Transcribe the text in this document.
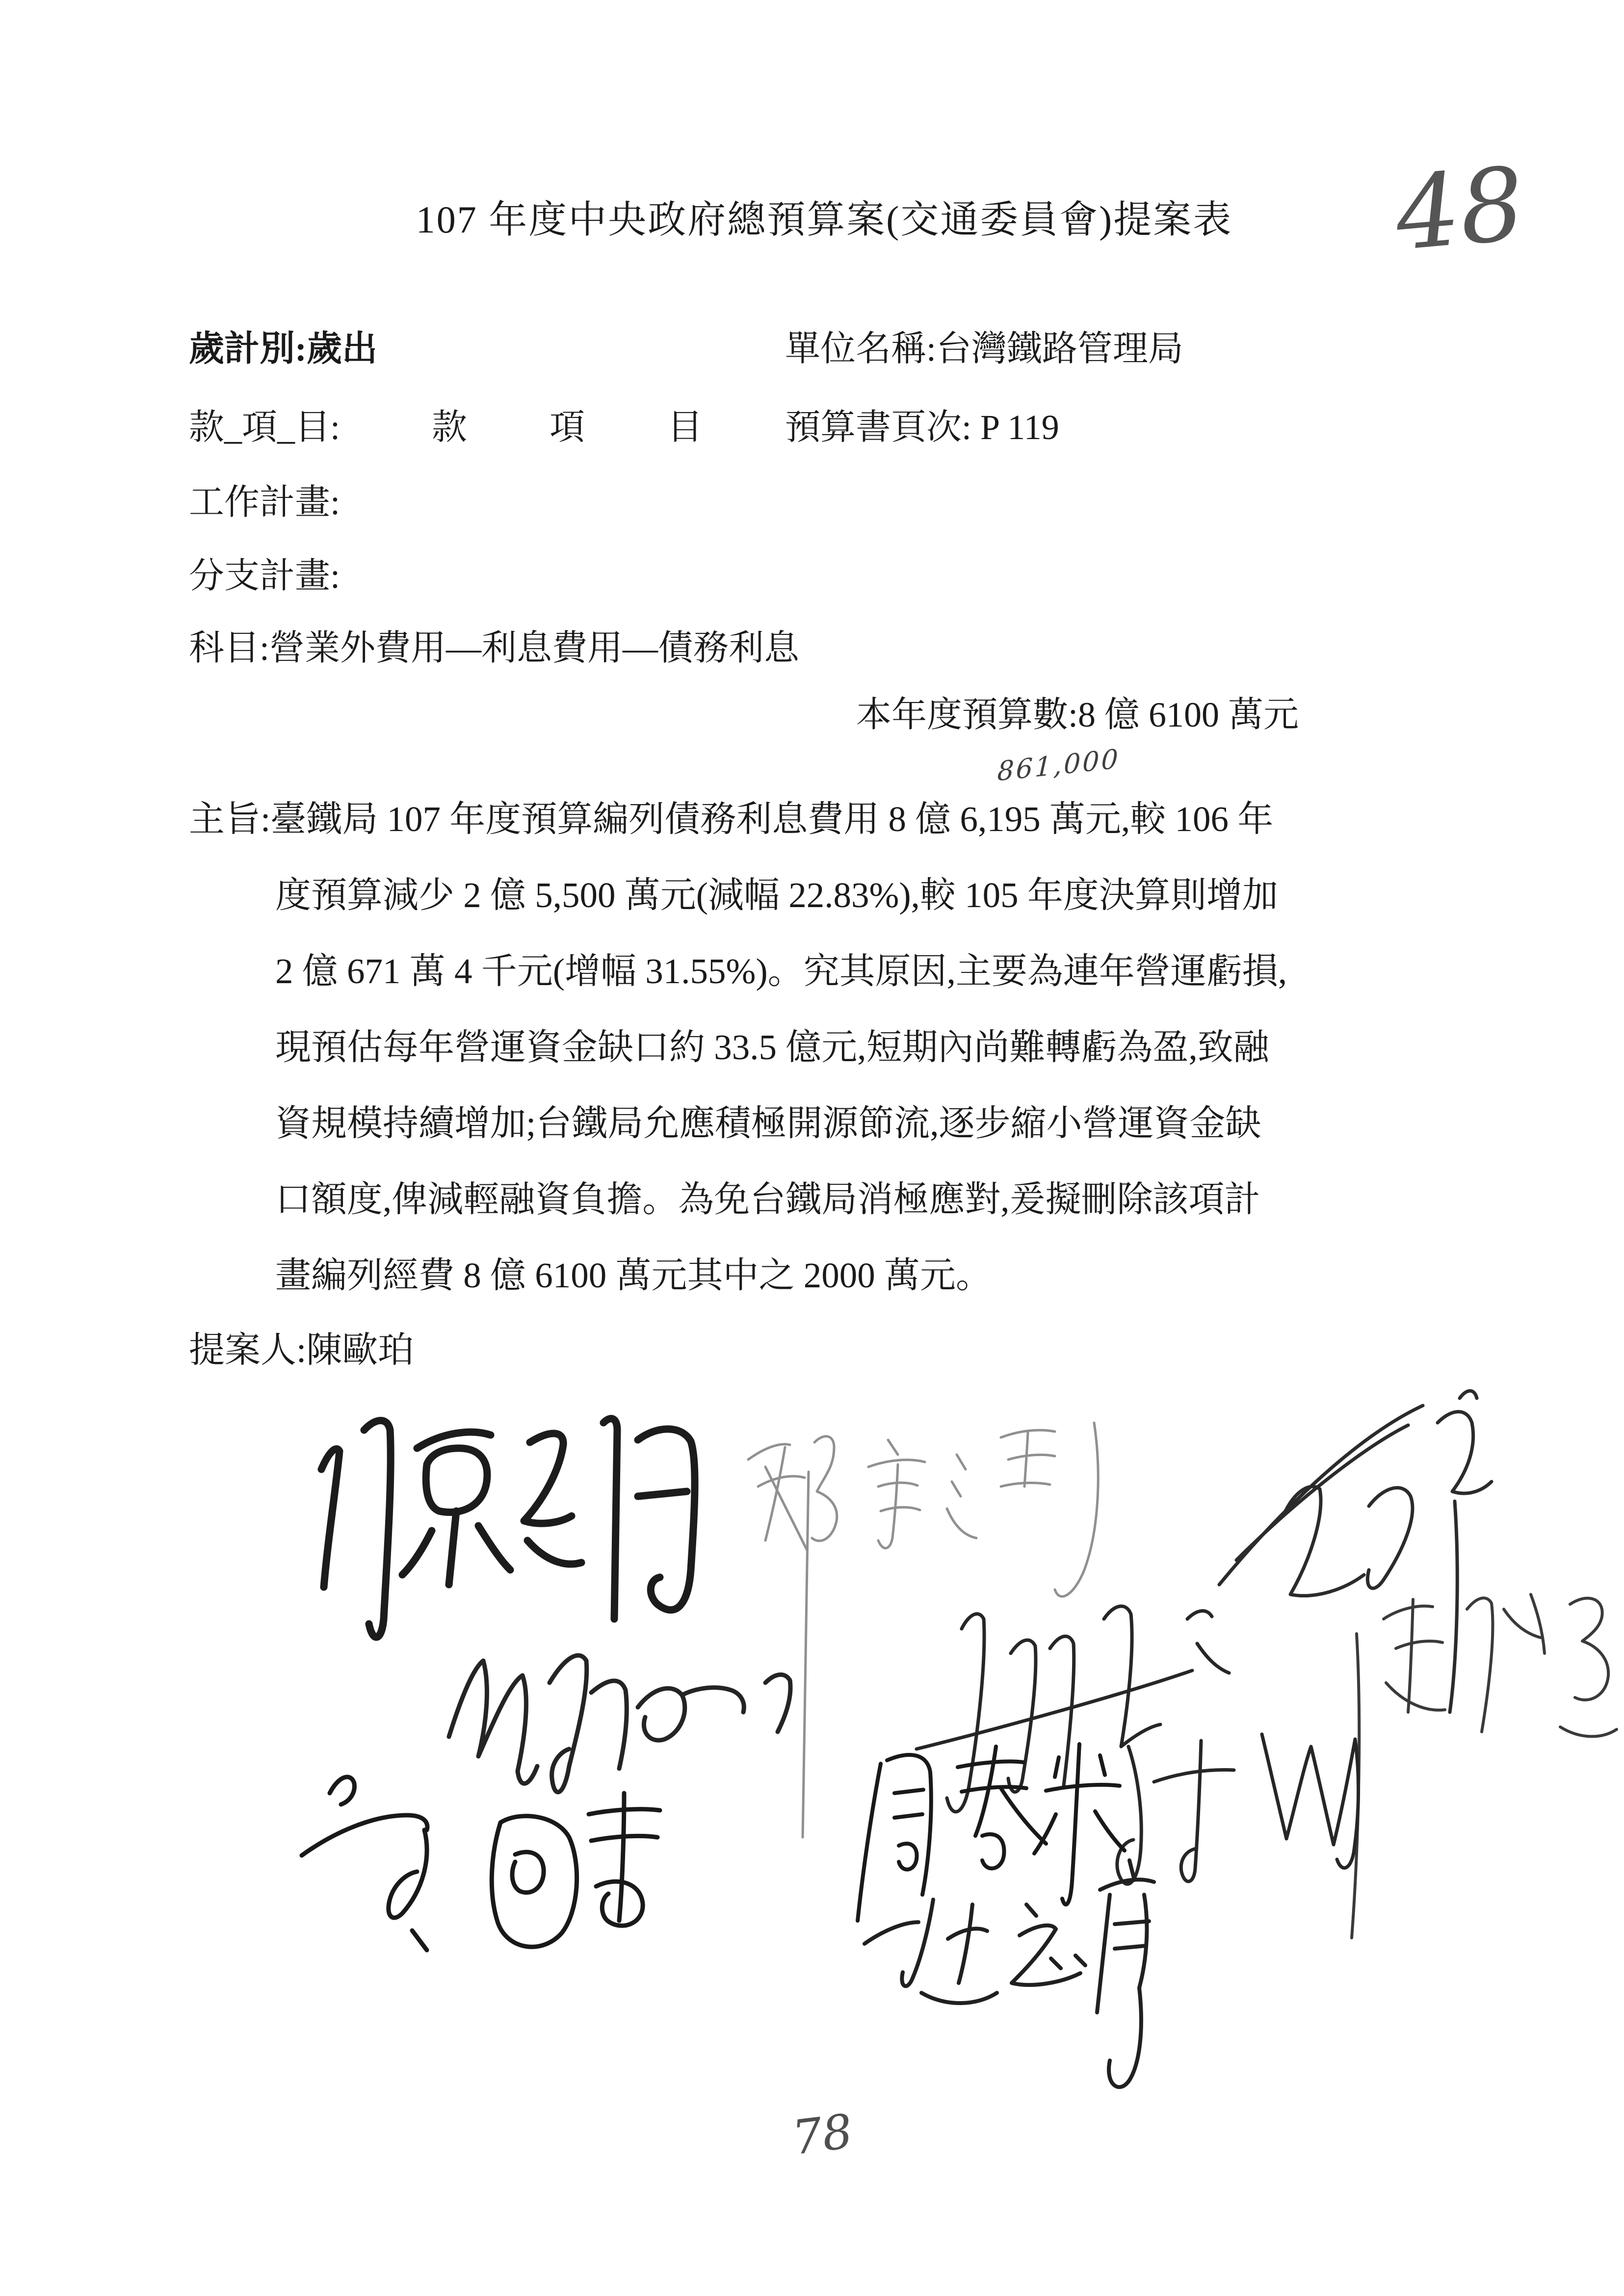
107 年度中央政府總預算案(交通委員會)提案表	48
歲計別:歲出	單位名稱:台灣鐵路管理局
款_項_目:	款　項　目 預算書頁次: P 119
工作計畫:
分支計畫:
科目:營業外費用—利息費用—債務利息
本年度預算數:8 億 6100 萬元
861,000
主旨:臺鐵局 107 年度預算編列債務利息費用 8 億 6,195 萬元,較 106 年
度預算減少 2 億 5,500 萬元(減幅 22.83%),較 105 年度決算則增加
2 億 671 萬 4 千元(增幅 31.55%)。究其原因,主要為連年營運虧損,
現預估每年營運資金缺口約 33.5 億元,短期內尚難轉虧為盈,致融
資規模持續增加;台鐵局允應積極開源節流,逐步縮小營運資金缺
口額度,俾減輕融資負擔。為免台鐵局消極應對,爰擬刪除該項計
畫編列經費 8 億 6100 萬元其中之 2000 萬元。
提案人:陳歐珀
78
